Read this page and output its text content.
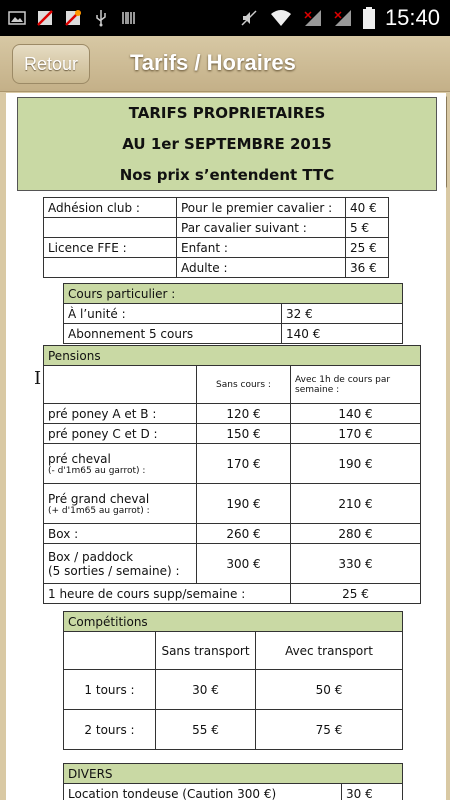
15:40
Retour	Tarifs / Horaires
TARIFS PROPRIETAIRES
AU 1er SEPTEMBRE 2015
Nos prix s’entendent TTC
Adhésion club :	Pour le premier cavalier :	40 €
	Par cavalier suivant :	5 €
Licence FFE :	Enfant :	25 €
	Adulte :	36 €
Cours particulier :	
À l’unité :	32 €
Abonnement 5 cours	140 €
I
Pensions		
	Sans cours :	Avec 1h de cours par semaine :
pré poney A et B :	120 €	140 €
pré poney C et D :	150 €	170 €

pré cheval
(- d'1m65 au garrot) :	170 €	190 €

Pré grand cheval
(+ d'1m65 au garrot) :	190 €	210 €
Box :	260 €	280 €

Box / paddock
(5 sorties / semaine) :	300 €	330 €
1 heure de cours supp/semaine :		25 €
Compétitions		
	Sans transport	Avec transport
1 tours :	30 €	50 €
2 tours :	55 €	75 €
DIVERS
Location tondeuse (Caution 300 €)	30 €
